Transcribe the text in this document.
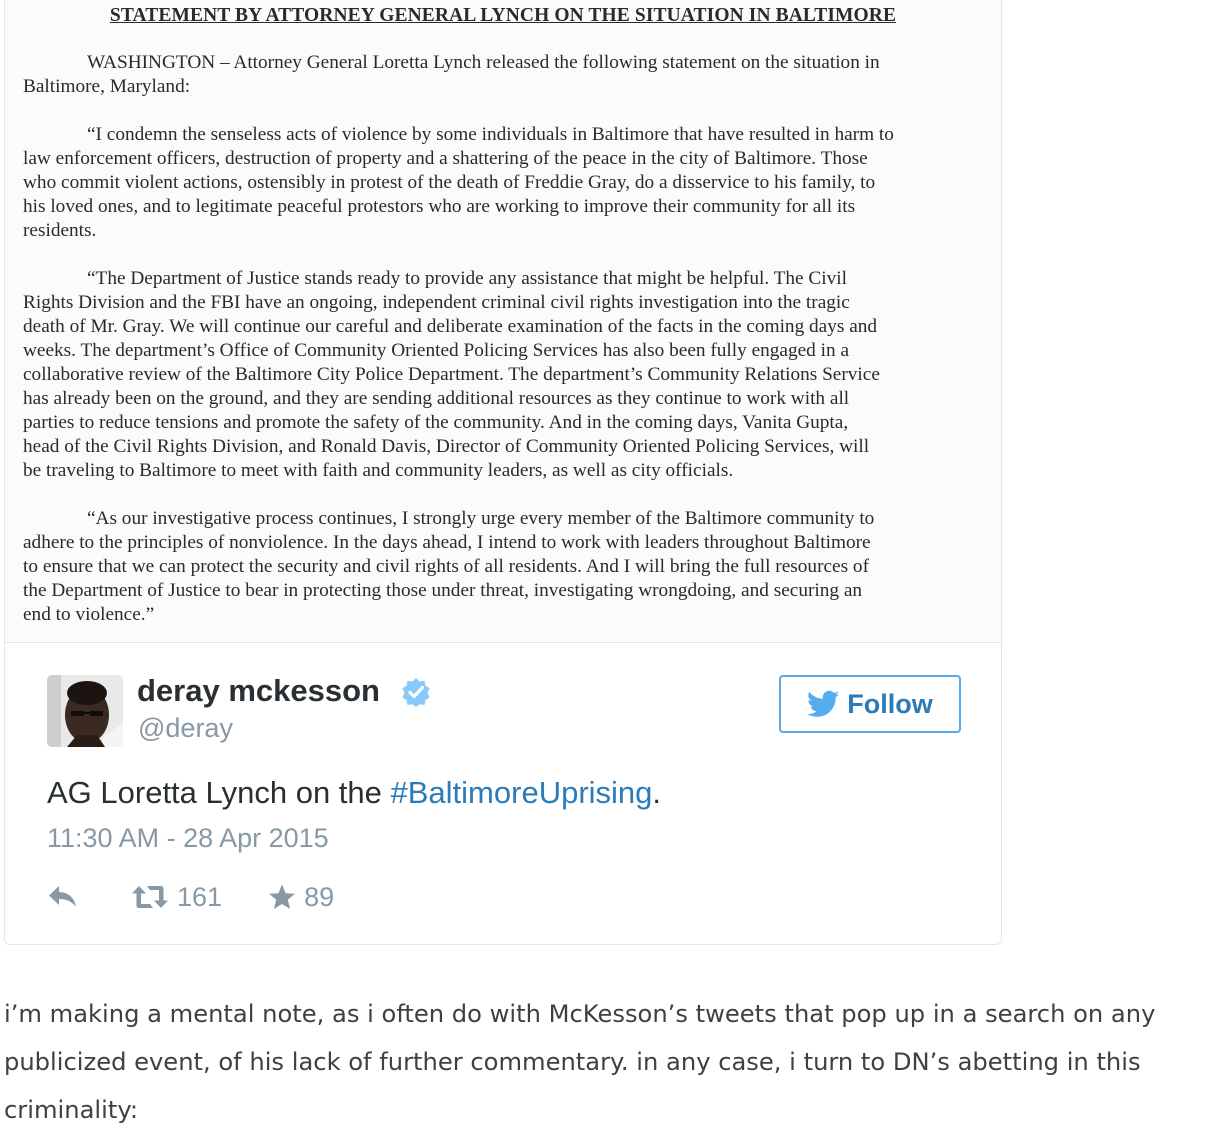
STATEMENT BY ATTORNEY GENERAL LYNCH ON THE SITUATION IN BALTIMORE

WASHINGTON – Attorney General Loretta Lynch released the following statement on the situation in
Baltimore, Maryland:

“I condemn the senseless acts of violence by some individuals in Baltimore that have resulted in harm to
law enforcement officers, destruction of property and a shattering of the peace in the city of Baltimore. Those
who commit violent actions, ostensibly in protest of the death of Freddie Gray, do a disservice to his family, to
his loved ones, and to legitimate peaceful protestors who are working to improve their community for all its
residents.

“The Department of Justice stands ready to provide any assistance that might be helpful. The Civil
Rights Division and the FBI have an ongoing, independent criminal civil rights investigation into the tragic
death of Mr. Gray. We will continue our careful and deliberate examination of the facts in the coming days and
weeks. The department’s Office of Community Oriented Policing Services has also been fully engaged in a
collaborative review of the Baltimore City Police Department. The department’s Community Relations Service
has already been on the ground, and they are sending additional resources as they continue to work with all
parties to reduce tensions and promote the safety of the community. And in the coming days, Vanita Gupta,
head of the Civil Rights Division, and Ronald Davis, Director of Community Oriented Policing Services, will
be traveling to Baltimore to meet with faith and community leaders, as well as city officials.

“As our investigative process continues, I strongly urge every member of the Baltimore community to
adhere to the principles of nonviolence. In the days ahead, I intend to work with leaders throughout Baltimore
to ensure that we can protect the security and civil rights of all residents. And I will bring the full resources of
the Department of Justice to bear in protecting those under threat, investigating wrongdoing, and securing an
end to violence.”

deray mckesson
@deray
Follow
AG Loretta Lynch on the #BaltimoreUprising.
11:30 AM - 28 Apr 2015
161	89

i’m making a mental note, as i often do with McKesson’s tweets that pop up in a search on any
publicized event, of his lack of further commentary. in any case, i turn to DN’s abetting in this
criminality:
